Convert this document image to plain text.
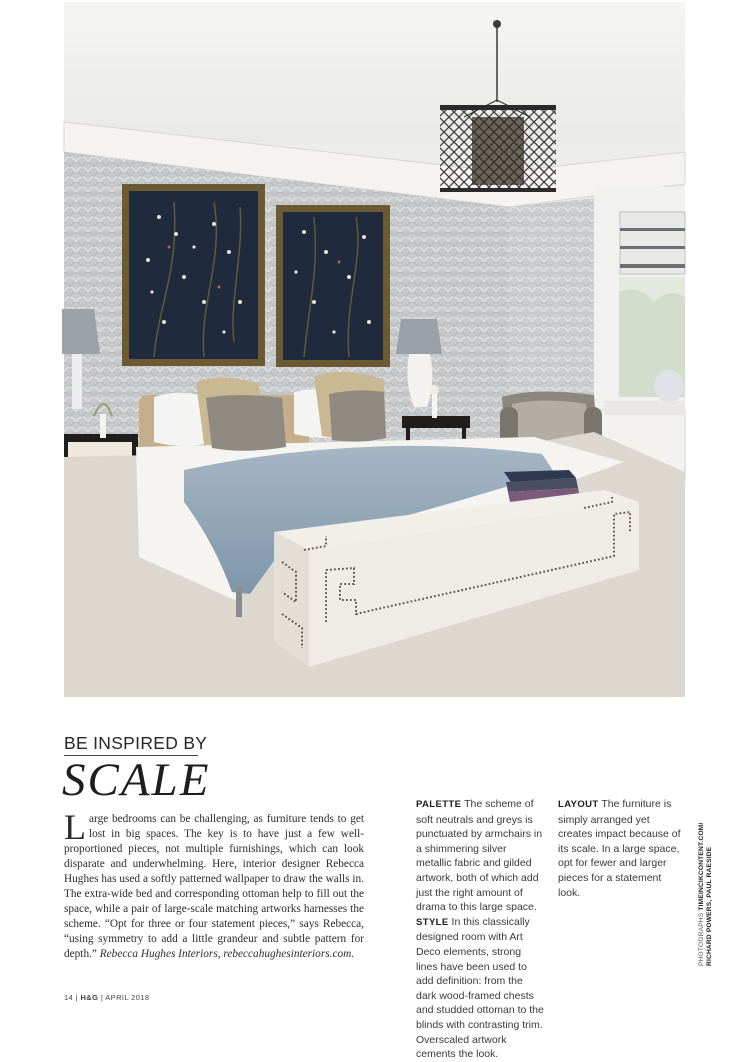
BE INSPIRED BY
SCALE
Large bedrooms can be challenging, as furniture tends to get lost in big spaces. The key is to have just a few well-proportioned pieces, not multiple furnishings, which can look disparate and underwhelming. Here, interior designer Rebecca Hughes has used a softly patterned wallpaper to draw the walls in. The extra-wide bed and corresponding ottoman help to fill out the space, while a pair of large-scale matching artworks harnesses the scheme. “Opt for three or four statement pieces,” says Rebecca, “using symmetry to add a little grandeur and subtle pattern for depth.” Rebecca Hughes Interiors, rebeccahughesinteriors.com.

PALETTE The scheme of soft neutrals and greys is punctuated by armchairs in a shimmering silver metallic fabric and gilded artwork, both of which add just the right amount of drama to this large space.

STYLE In this classically designed room with Art Deco elements, strong lines have been used to add definition: from the dark wood-framed chests and studded ottoman to the blinds with contrasting trim. Overscaled artwork cements the look.

LAYOUT The furniture is simply arranged yet creates impact because of its scale. In a large space, opt for fewer and larger pieces for a statement look.

PHOTOGRAPHS TIMEINCIKCONTENT.COM/ RICHARD POWERS, PAUL RAESIDE
14 | H&G | APRIL 2018
